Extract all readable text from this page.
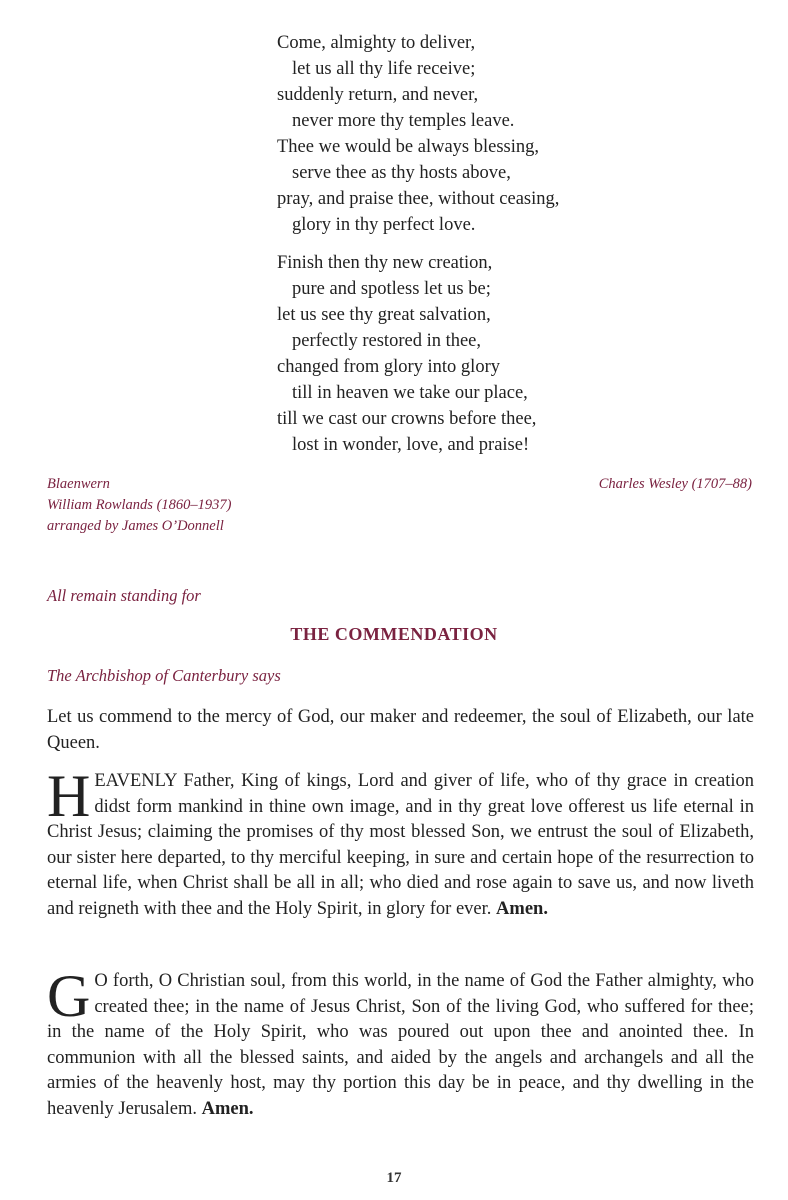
Come, almighty to deliver,
let us all thy life receive;
suddenly return, and never,
never more thy temples leave.
Thee we would be always blessing,
serve thee as thy hosts above,
pray, and praise thee, without ceasing,
glory in thy perfect love.
Finish then thy new creation,
pure and spotless let us be;
let us see thy great salvation,
perfectly restored in thee,
changed from glory into glory
till in heaven we take our place,
till we cast our crowns before thee,
lost in wonder, love, and praise!
Blaenwern
William Rowlands (1860–1937)
arranged by James O’Donnell
Charles Wesley (1707–88)
All remain standing for
THE COMMENDATION
The Archbishop of Canterbury says
Let us commend to the mercy of God, our maker and redeemer, the soul of Elizabeth, our late Queen.
HEAVENLY Father, King of kings, Lord and giver of life, who of thy grace in creation didst form mankind in thine own image, and in thy great love offerest us life eternal in Christ Jesus; claiming the promises of thy most blessed Son, we entrust the soul of Elizabeth, our sister here departed, to thy merciful keeping, in sure and certain hope of the resurrection to eternal life, when Christ shall be all in all; who died and rose again to save us, and now liveth and reigneth with thee and the Holy Spirit, in glory for ever. Amen.
G O forth, O Christian soul, from this world, in the name of God the Father almighty, who created thee; in the name of Jesus Christ, Son of the living God, who suffered for thee; in the name of the Holy Spirit, who was poured out upon thee and anointed thee. In communion with all the blessed saints, and aided by the angels and archangels and all the armies of the heavenly host, may thy portion this day be in peace, and thy dwelling in the heavenly Jerusalem. Amen.
17
